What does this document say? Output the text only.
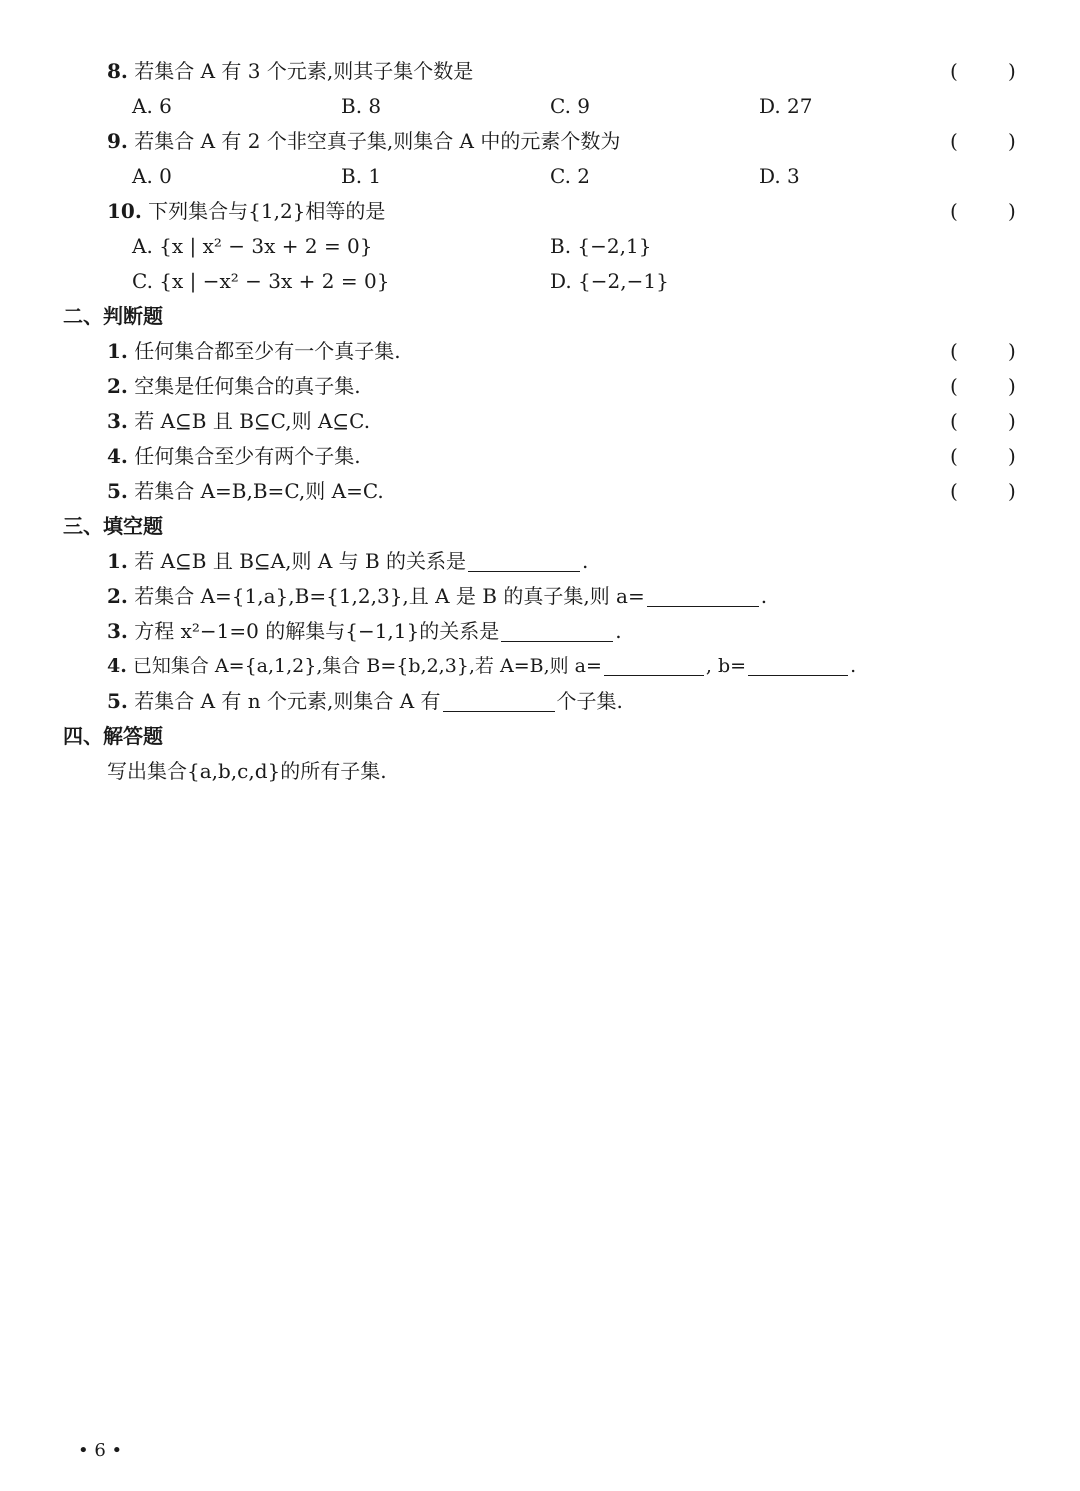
8. 若集合 A 有 3 个元素,则其子集个数是	(	)
A. 6	B. 8	C. 9	D. 27
9. 若集合 A 有 2 个非空真子集,则集合 A 中的元素个数为	(	)
A. 0	B. 1	C. 2	D. 3
10. 下列集合与{1,2}相等的是	(	)
A. {x | x² − 3x + 2 = 0}	B. {−2,1}
C. {x | −x² − 3x + 2 = 0}	D. {−2,−1}
二、判断题
1. 任何集合都至少有一个真子集.	(	)
2. 空集是任何集合的真子集.	(	)
3. 若 A⊆B 且 B⊆C,则 A⊆C.	(	)
4. 任何集合至少有两个子集.	(	)
5. 若集合 A=B,B=C,则 A=C.	(	)
三、填空题
1. 若 A⊆B 且 B⊆A,则 A 与 B 的关系是	.
2. 若集合 A={1,a},B={1,2,3},且 A 是 B 的真子集,则 a=	.
3. 方程 x²−1=0 的解集与{−1,1}的关系是	.
4. 已知集合 A={a,1,2},集合 B={b,2,3},若 A=B,则 a=	, b=	.
5. 若集合 A 有 n 个元素,则集合 A 有	个子集.
四、解答题
写出集合{a,b,c,d}的所有子集.
• 6 •
